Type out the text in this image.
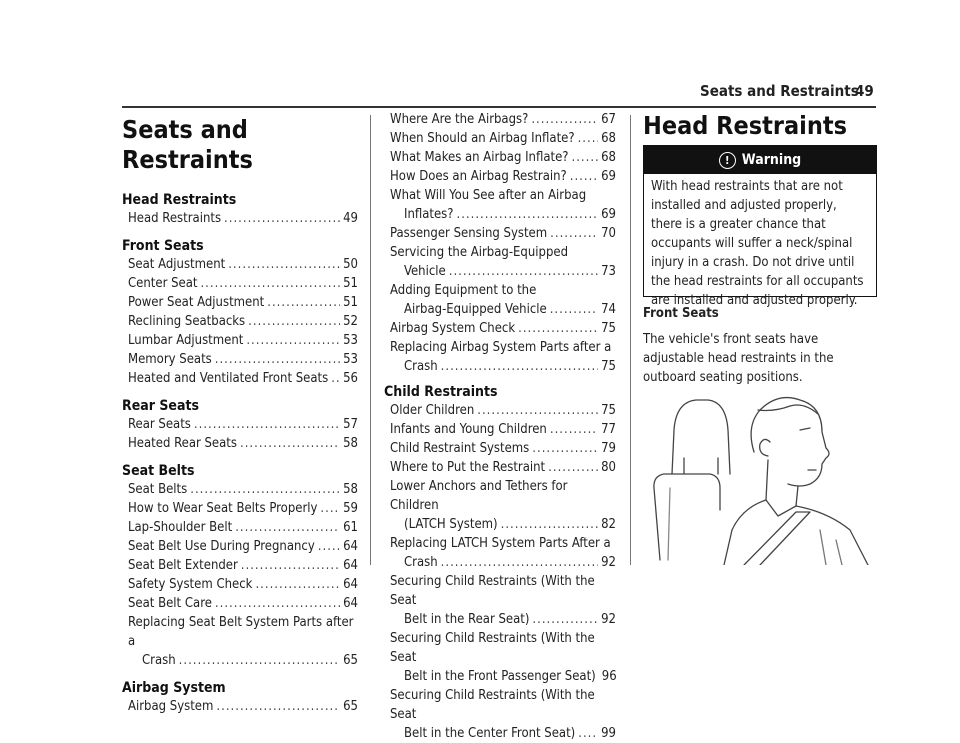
Seats and Restraints
49
Seats and Restraints
Head Restraints
Head Restraints .....	49
Front Seats
Seat Adjustment .....	50
Center Seat .....	51
Power Seat Adjustment .....	51
Reclining Seatbacks .....	52
Lumbar Adjustment .....	53
Memory Seats .....	53
Heated and Ventilated Front Seats ..... 56
Rear Seats
Rear Seats .....	57
Heated Rear Seats .....	58
Seat Belts
Seat Belts .....	58
How to Wear Seat Belts Properly ..... 59
Lap-Shoulder Belt .....	61
Seat Belt Use During Pregnancy ..... 64
Seat Belt Extender .....	64
Safety System Check .....	64
Seat Belt Care .....	64
Replacing Seat Belt System Parts after a
Crash .....	65
Airbag System
Airbag System .....	65
Where Are the Airbags? .....	67
When Should an Airbag Inflate? ..... 68
What Makes an Airbag Inflate? .....	68
How Does an Airbag Restrain? .....	69
What Will You See after an Airbag
Inflates? .....	69
Passenger Sensing System .....	70
Servicing the Airbag-Equipped
Vehicle .....	73
Adding Equipment to the
Airbag-Equipped Vehicle .....	74
Airbag System Check .....	75
Replacing Airbag System Parts after a
Crash .....	75
Child Restraints
Older Children .....	75
Infants and Young Children .....	77
Child Restraint Systems .....	79
Where to Put the Restraint .....	80
Lower Anchors and Tethers for Children
(LATCH System) .....	82
Replacing LATCH System Parts After a
Crash .....	92
Securing Child Restraints (With the Seat
Belt in the Rear Seat) .....	92
Securing Child Restraints (With the Seat
Belt in the Front Passenger Seat) 96
Securing Child Restraints (With the Seat
Belt in the Center Front Seat) ..... 99
Head Restraints
! Warning
With head restraints that are not installed and adjusted properly, there is a greater chance that occupants will suffer a neck/spinal injury in a crash. Do not drive until the head restraints for all occupants are installed and adjusted properly.
Front Seats
The vehicle's front seats have adjustable head restraints in the outboard seating positions.
